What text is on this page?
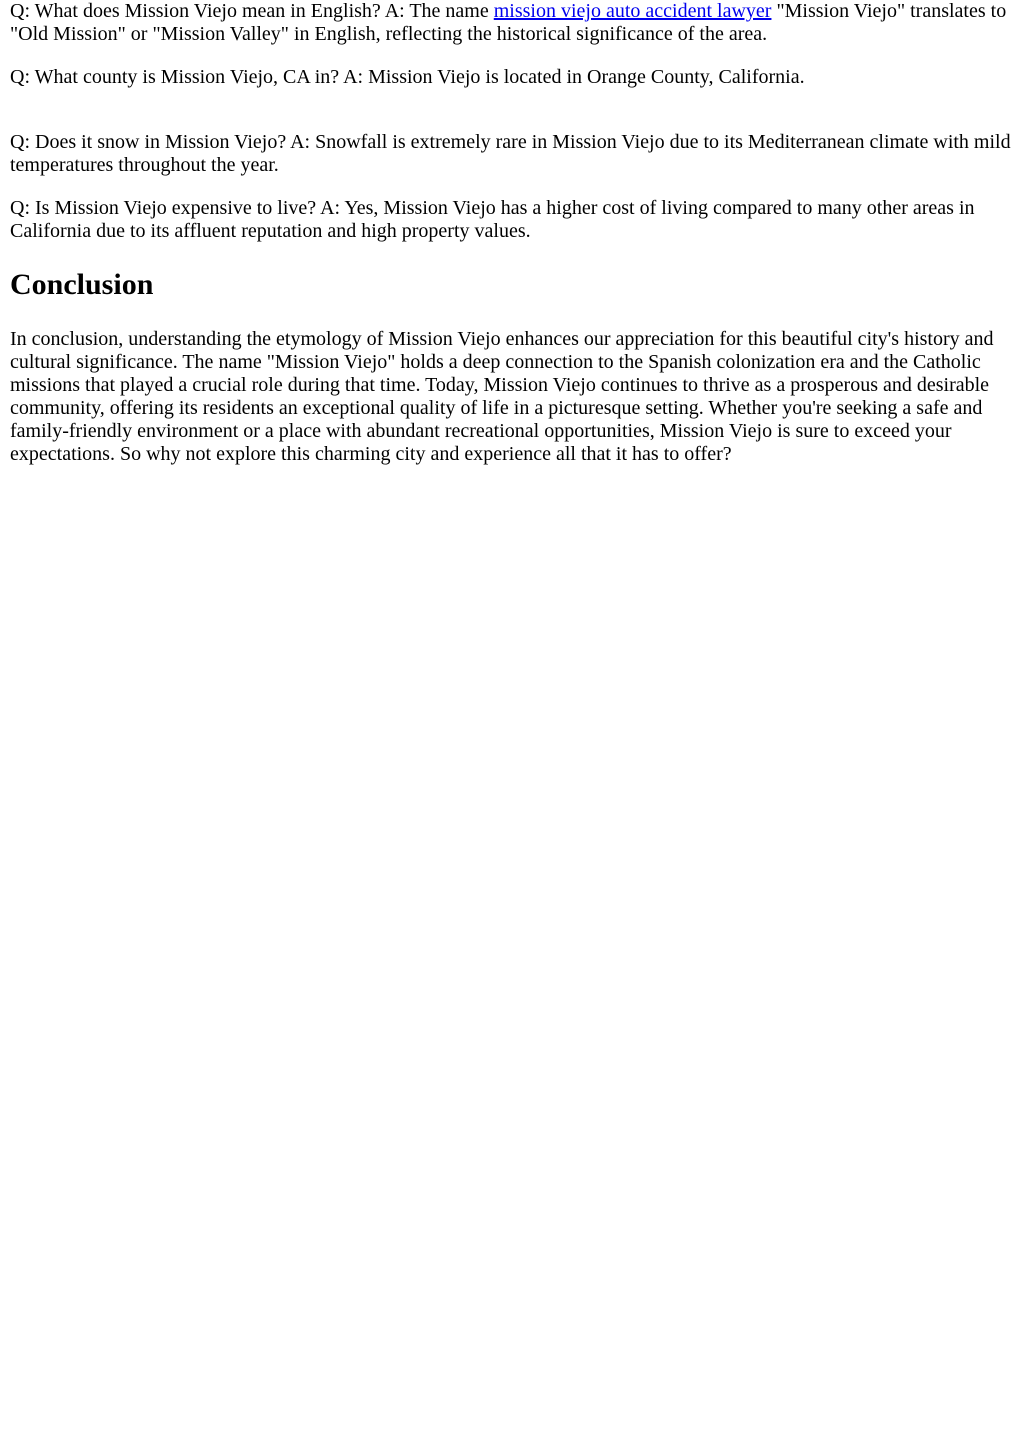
Q: What does Mission Viejo mean in English? A: The name mission viejo auto accident lawyer "Mission Viejo" translates to "Old Mission" or "Mission Valley" in English, reflecting the historical significance of the area.

Q: What county is Mission Viejo, CA in? A: Mission Viejo is located in Orange County, California.

Q: Does it snow in Mission Viejo? A: Snowfall is extremely rare in Mission Viejo due to its Mediterranean climate with mild temperatures throughout the year.

Q: Is Mission Viejo expensive to live? A: Yes, Mission Viejo has a higher cost of living compared to many other areas in California due to its affluent reputation and high property values.

Conclusion

In conclusion, understanding the etymology of Mission Viejo enhances our appreciation for this beautiful city's history and cultural significance. The name "Mission Viejo" holds a deep connection to the Spanish colonization era and the Catholic missions that played a crucial role during that time. Today, Mission Viejo continues to thrive as a prosperous and desirable community, offering its residents an exceptional quality of life in a picturesque setting. Whether you're seeking a safe and family-friendly environment or a place with abundant recreational opportunities, Mission Viejo is sure to exceed your expectations. So why not explore this charming city and experience all that it has to offer?
